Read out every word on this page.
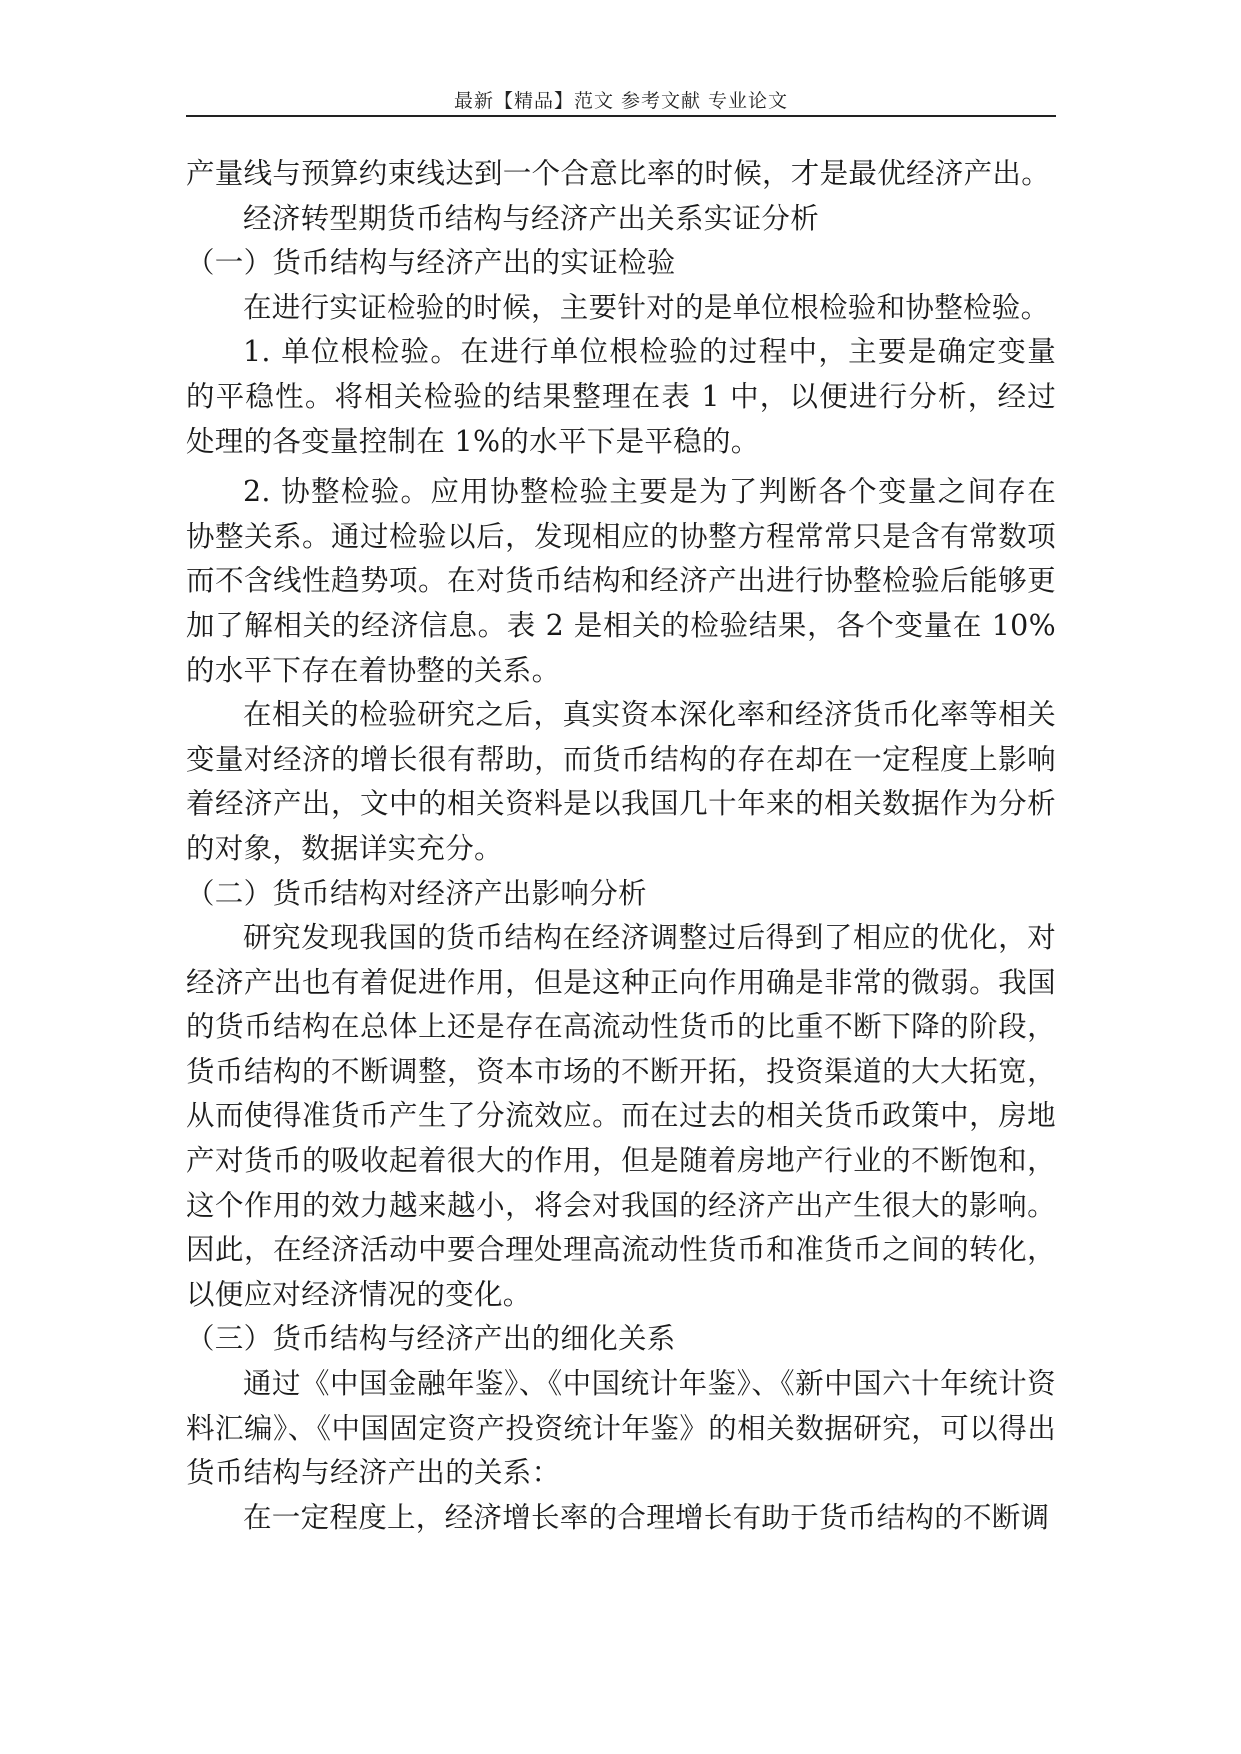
最新【精品】范文 参考文献 专业论文

产量线与预算约束线达到一个合意比率的时候，才是最优经济产出。

经济转型期货币结构与经济产出关系实证分析

（一）货币结构与经济产出的实证检验

在进行实证检验的时候，主要针对的是单位根检验和协整检验。

1. 单位根检验。在进行单位根检验的过程中，主要是确定变量的平稳性。将相关检验的结果整理在表 1 中，以便进行分析，经过处理的各变量控制在 1%的水平下是平稳的。

2. 协整检验。应用协整检验主要是为了判断各个变量之间存在协整关系。通过检验以后，发现相应的协整方程常常只是含有常数项而不含线性趋势项。在对货币结构和经济产出进行协整检验后能够更加了解相关的经济信息。表 2 是相关的检验结果，各个变量在 10%的水平下存在着协整的关系。

在相关的检验研究之后，真实资本深化率和经济货币化率等相关变量对经济的增长很有帮助，而货币结构的存在却在一定程度上影响着经济产出，文中的相关资料是以我国几十年来的相关数据作为分析的对象，数据详实充分。

（二）货币结构对经济产出影响分析

研究发现我国的货币结构在经济调整过后得到了相应的优化，对经济产出也有着促进作用，但是这种正向作用确是非常的微弱。我国的货币结构在总体上还是存在高流动性货币的比重不断下降的阶段，货币结构的不断调整，资本市场的不断开拓，投资渠道的大大拓宽，从而使得准货币产生了分流效应。而在过去的相关货币政策中，房地产对货币的吸收起着很大的作用，但是随着房地产行业的不断饱和，这个作用的效力越来越小，将会对我国的经济产出产生很大的影响。因此，在经济活动中要合理处理高流动性货币和准货币之间的转化，以便应对经济情况的变化。

（三）货币结构与经济产出的细化关系

通过《中国金融年鉴》、《中国统计年鉴》、《新中国六十年统计资料汇编》、《中国固定资产投资统计年鉴》的相关数据研究，可以得出货币结构与经济产出的关系：

在一定程度上，经济增长率的合理增长有助于货币结构的不断调
